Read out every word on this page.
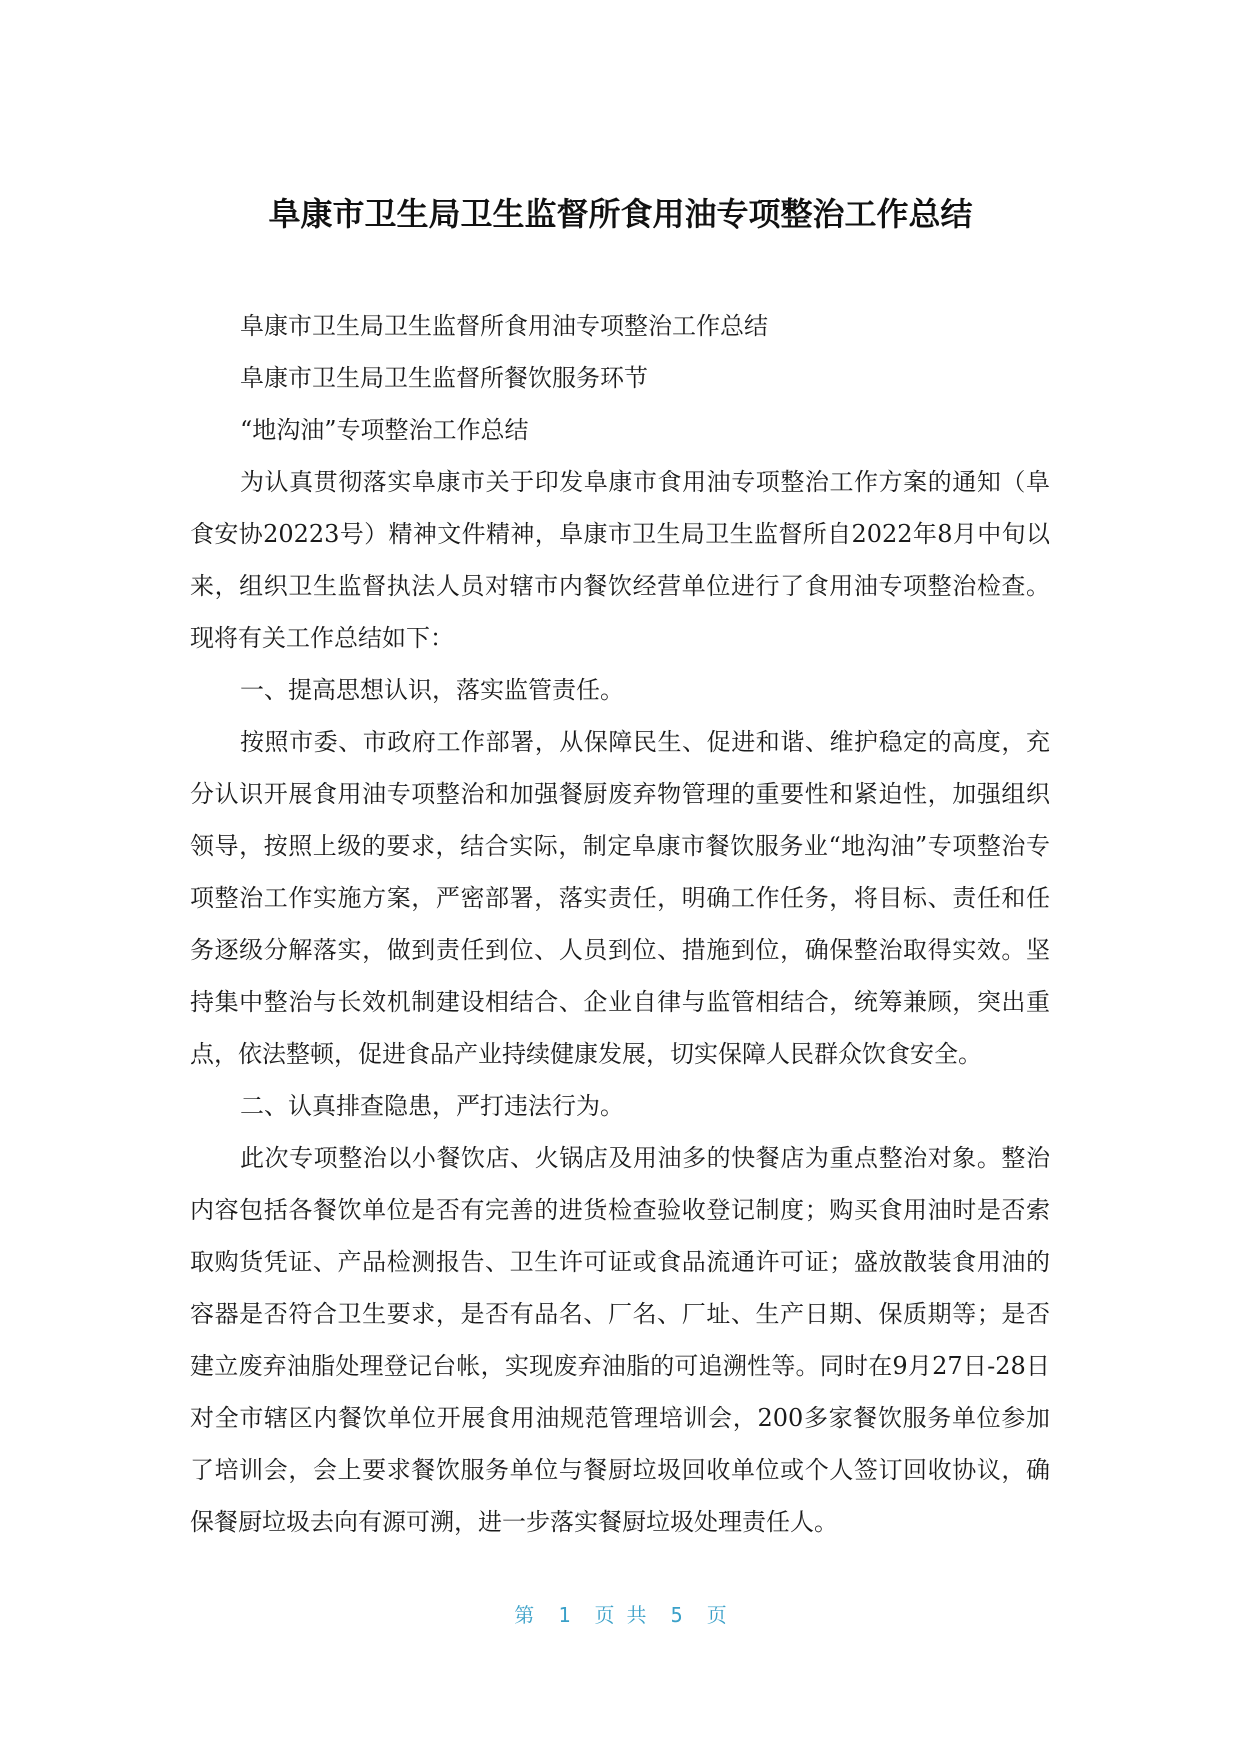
阜康市卫生局卫生监督所食用油专项整治工作总结

阜康市卫生局卫生监督所食用油专项整治工作总结

阜康市卫生局卫生监督所餐饮服务环节

“地沟油”专项整治工作总结

为认真贯彻落实阜康市关于印发阜康市食用油专项整治工作方案的通知（阜食安协20223号）精神文件精神，阜康市卫生局卫生监督所自2022年8月中旬以来，组织卫生监督执法人员对辖市内餐饮经营单位进行了食用油专项整治检查。现将有关工作总结如下：

一、提高思想认识，落实监管责任。

按照市委、市政府工作部署，从保障民生、促进和谐、维护稳定的高度，充分认识开展食用油专项整治和加强餐厨废弃物管理的重要性和紧迫性，加强组织领导，按照上级的要求，结合实际，制定阜康市餐饮服务业“地沟油”专项整治专项整治工作实施方案，严密部署，落实责任，明确工作任务，将目标、责任和任务逐级分解落实，做到责任到位、人员到位、措施到位，确保整治取得实效。坚持集中整治与长效机制建设相结合、企业自律与监管相结合，统筹兼顾，突出重点，依法整顿，促进食品产业持续健康发展，切实保障人民群众饮食安全。

二、认真排查隐患，严打违法行为。

此次专项整治以小餐饮店、火锅店及用油多的快餐店为重点整治对象。整治内容包括各餐饮单位是否有完善的进货检查验收登记制度；购买食用油时是否索取购货凭证、产品检测报告、卫生许可证或食品流通许可证；盛放散装食用油的容器是否符合卫生要求，是否有品名、厂名、厂址、生产日期、保质期等；是否建立废弃油脂处理登记台帐，实现废弃油脂的可追溯性等。同时在9月27日-28日对全市辖区内餐饮单位开展食用油规范管理培训会，200多家餐饮服务单位参加了培训会，会上要求餐饮服务单位与餐厨垃圾回收单位或个人签订回收协议，确保餐厨垃圾去向有源可溯，进一步落实餐厨垃圾处理责任人。

第  1  页 共  5  页
